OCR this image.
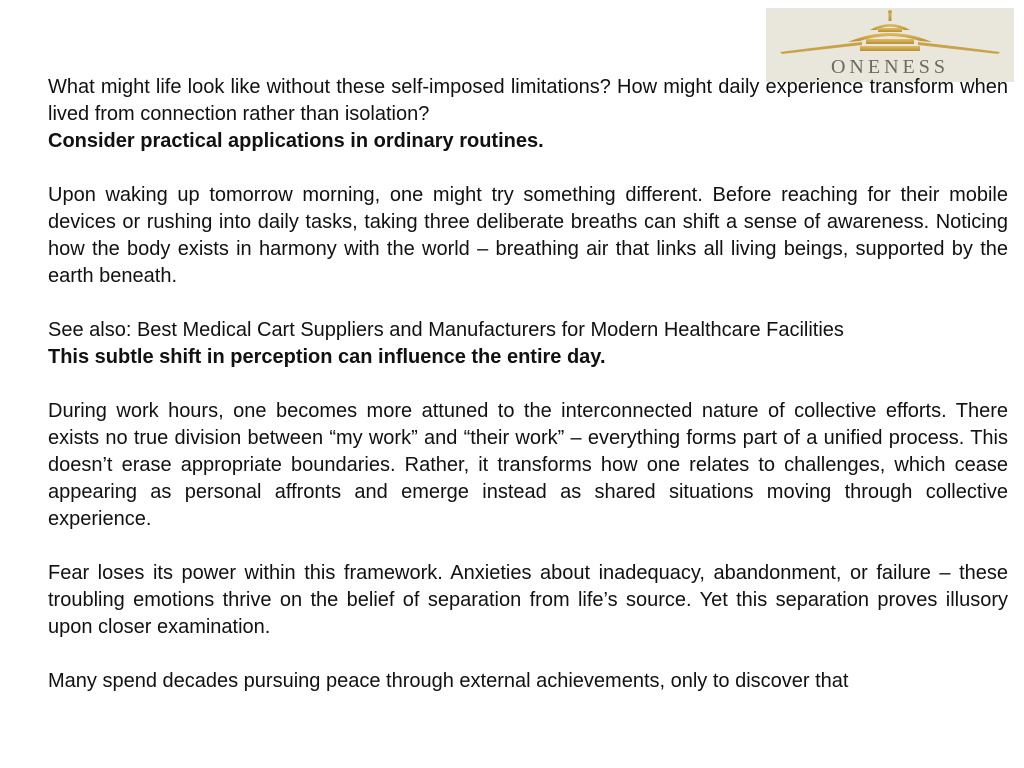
ONENESS

What might life look like without these self-imposed limitations? How might daily experience transform when lived from connection rather than isolation?

Consider practical applications in ordinary routines.

Upon waking up tomorrow morning, one might try something different. Before reaching for their mobile devices or rushing into daily tasks, taking three deliberate breaths can shift a sense of awareness. Noticing how the body exists in harmony with the world – breathing air that links all living beings, supported by the earth beneath.

See also: Best Medical Cart Suppliers and Manufacturers for Modern Healthcare Facilities

This subtle shift in perception can influence the entire day.

During work hours, one becomes more attuned to the interconnected nature of collective efforts. There exists no true division between “my work” and “their work” – everything forms part of a unified process. This doesn’t erase appropriate boundaries. Rather, it transforms how one relates to challenges, which cease appearing as personal affronts and emerge instead as shared situations moving through collective experience.

Fear loses its power within this framework. Anxieties about inadequacy, abandonment, or failure – these troubling emotions thrive on the belief of separation from life’s source. Yet this separation proves illusory upon closer examination.

Many spend decades pursuing peace through external achievements, only to discover that
